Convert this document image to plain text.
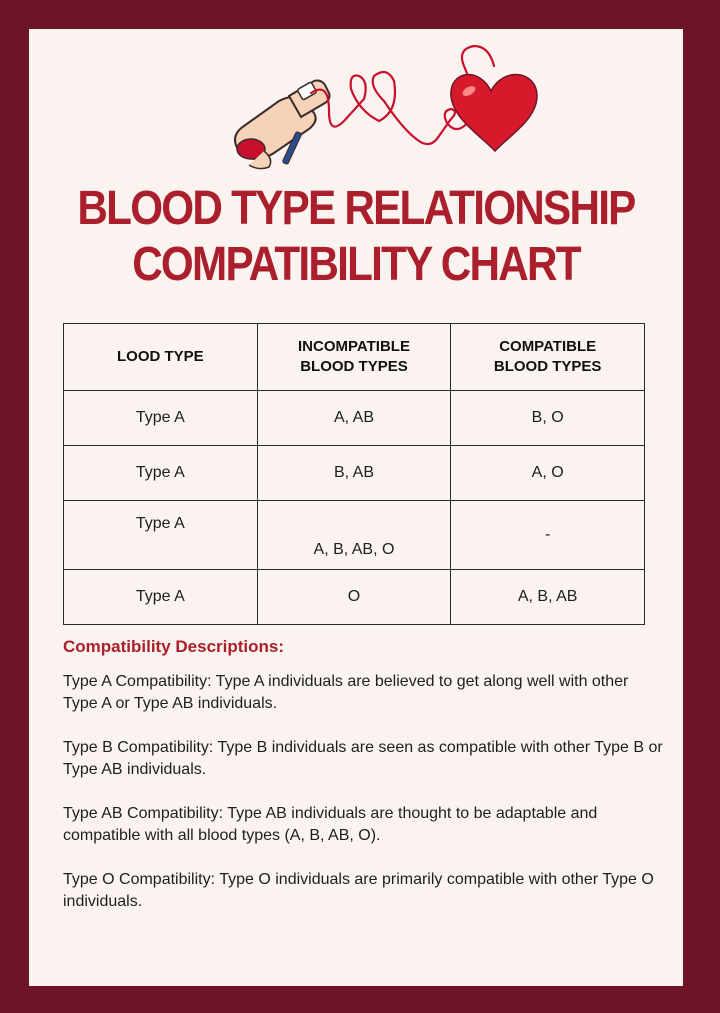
BLOOD TYPE RELATIONSHIP
COMPATIBILITY CHART
LOOD TYPE	INCOMPATIBLE BLOOD TYPES	COMPATIBLE BLOOD TYPES
Type A	A, AB	B, O
Type A	B, AB	A, O
Type A	A, B, AB, O	-
Type A	O	A, B, AB
Compatibility Descriptions:

Type A Compatibility: Type A individuals are believed to get along well with other Type A or Type AB individuals.

Type B Compatibility: Type B individuals are seen as compatible with other Type B or Type AB individuals.

Type AB Compatibility: Type AB individuals are thought to be adaptable and compatible with all blood types (A, B, AB, O).

Type O Compatibility: Type O individuals are primarily compatible with other Type O individuals.
